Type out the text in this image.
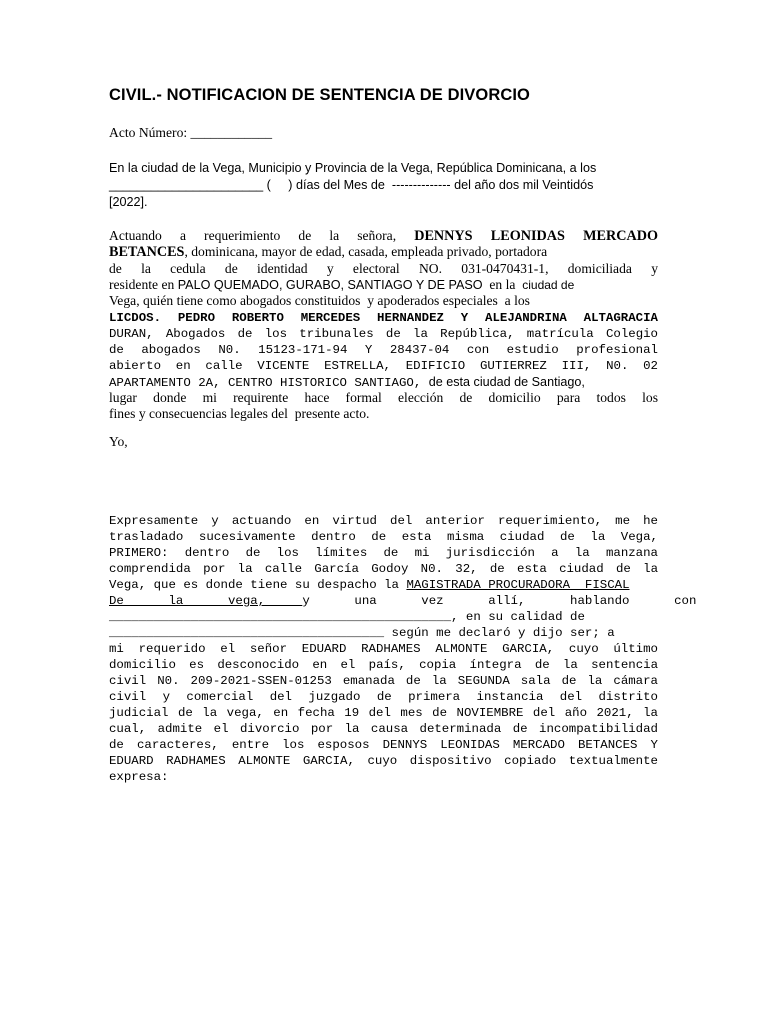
CIVIL.- NOTIFICACION DE SENTENCIA DE DIVORCIO
Acto Número: ____________
En la ciudad de la Vega, Municipio y Provincia de la Vega, República Dominicana, a los
______________________ (     ) días del Mes de  -------------- del año dos mil Veintidós
[2022].
Actuando a requerimiento de la señora, DENNYS LEONIDAS MERCADO
BETANCES, dominicana, mayor de edad, casada, empleada privado, portadora
de la cedula de identidad y electoral NO. 031-0470431-1, domiciliada y
residente en PALO QUEMADO, GURABO, SANTIAGO Y DE PASO en la ciudad de
Vega, quién tiene como abogados constituidos  y apoderados especiales  a los
LICDOS. PEDRO ROBERTO MERCEDES HERNANDEZ Y ALEJANDRINA ALTAGRACIA
DURAN, Abogados de los tribunales de la República, matrícula Colegio
de abogados N0. 15123-171-94 Y 28437-04 con estudio profesional
abierto en calle VICENTE ESTRELLA, EDIFICIO GUTIERREZ III, N0. 02
APARTAMENTO 2A, CENTRO HISTORICO SANTIAGO, de esta ciudad de Santiago,
lugar donde mi requirente hace formal elección de domicilio para todos los
fines y consecuencias legales del  presente acto.
Yo,
Expresamente y actuando en virtud del anterior requerimiento, me he
trasladado sucesivamente dentro de esta misma ciudad de la Vega,
PRIMERO: dentro de los límites de mi jurisdicción a la manzana
comprendida por la calle García Godoy N0. 32, de esta ciudad de la
Vega, que es donde tiene su despacho la MAGISTRADA PROCURADORA  FISCAL
De      la      vega,     y      una      vez      allí,      hablando      con
______________________________________________, en su calidad de
_____________________________________ según me declaró y dijo ser; a
mi requerido el señor EDUARD RADHAMES ALMONTE GARCIA, cuyo último
domicilio es desconocido en el país, copia íntegra de la sentencia
civil N0. 209-2021-SSEN-01253 emanada de la SEGUNDA sala de la cámara
civil y comercial del juzgado de primera instancia del distrito
judicial de la vega, en fecha 19 del mes de NOVIEMBRE del año 2021, la
cual, admite el divorcio por la causa determinada de incompatibilidad
de caracteres, entre los esposos DENNYS LEONIDAS MERCADO BETANCES Y
EDUARD RADHAMES ALMONTE GARCIA, cuyo dispositivo copiado textualmente
expresa:
